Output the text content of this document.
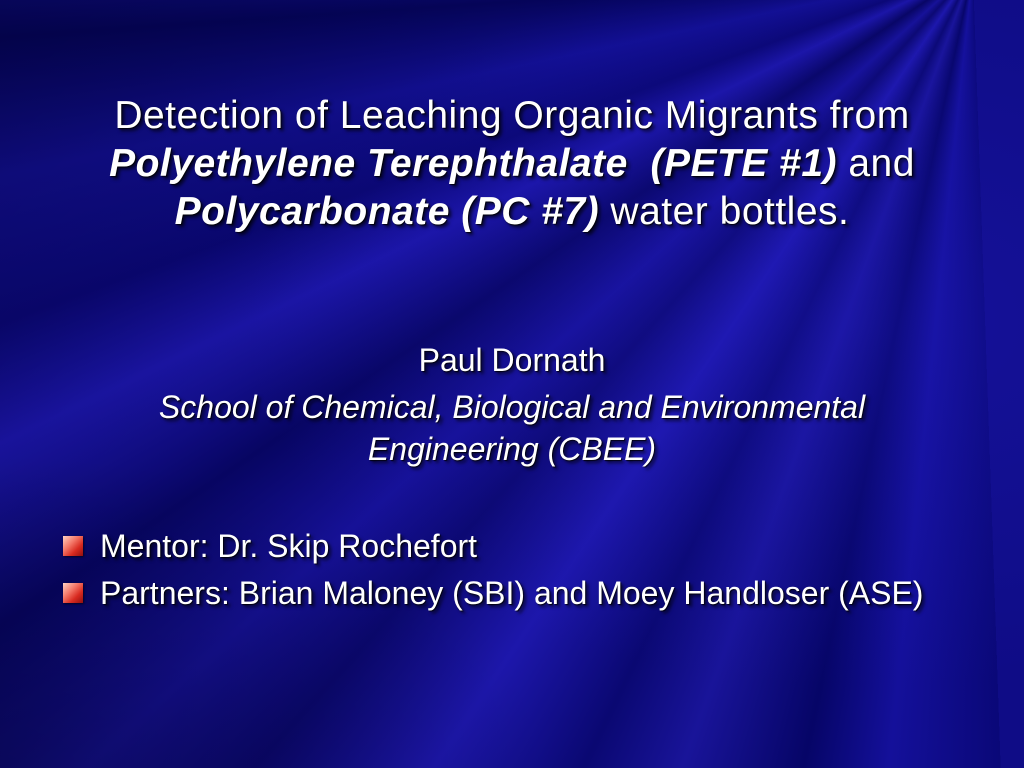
Detection of Leaching Organic Migrants from
Polyethylene Terephthalate  (PETE #1) and
Polycarbonate (PC #7) water bottles.

Paul Dornath

School of Chemical, Biological and Environmental Engineering (CBEE)

Mentor: Dr. Skip Rochefort
Partners: Brian Maloney (SBI) and Moey Handloser (ASE)
